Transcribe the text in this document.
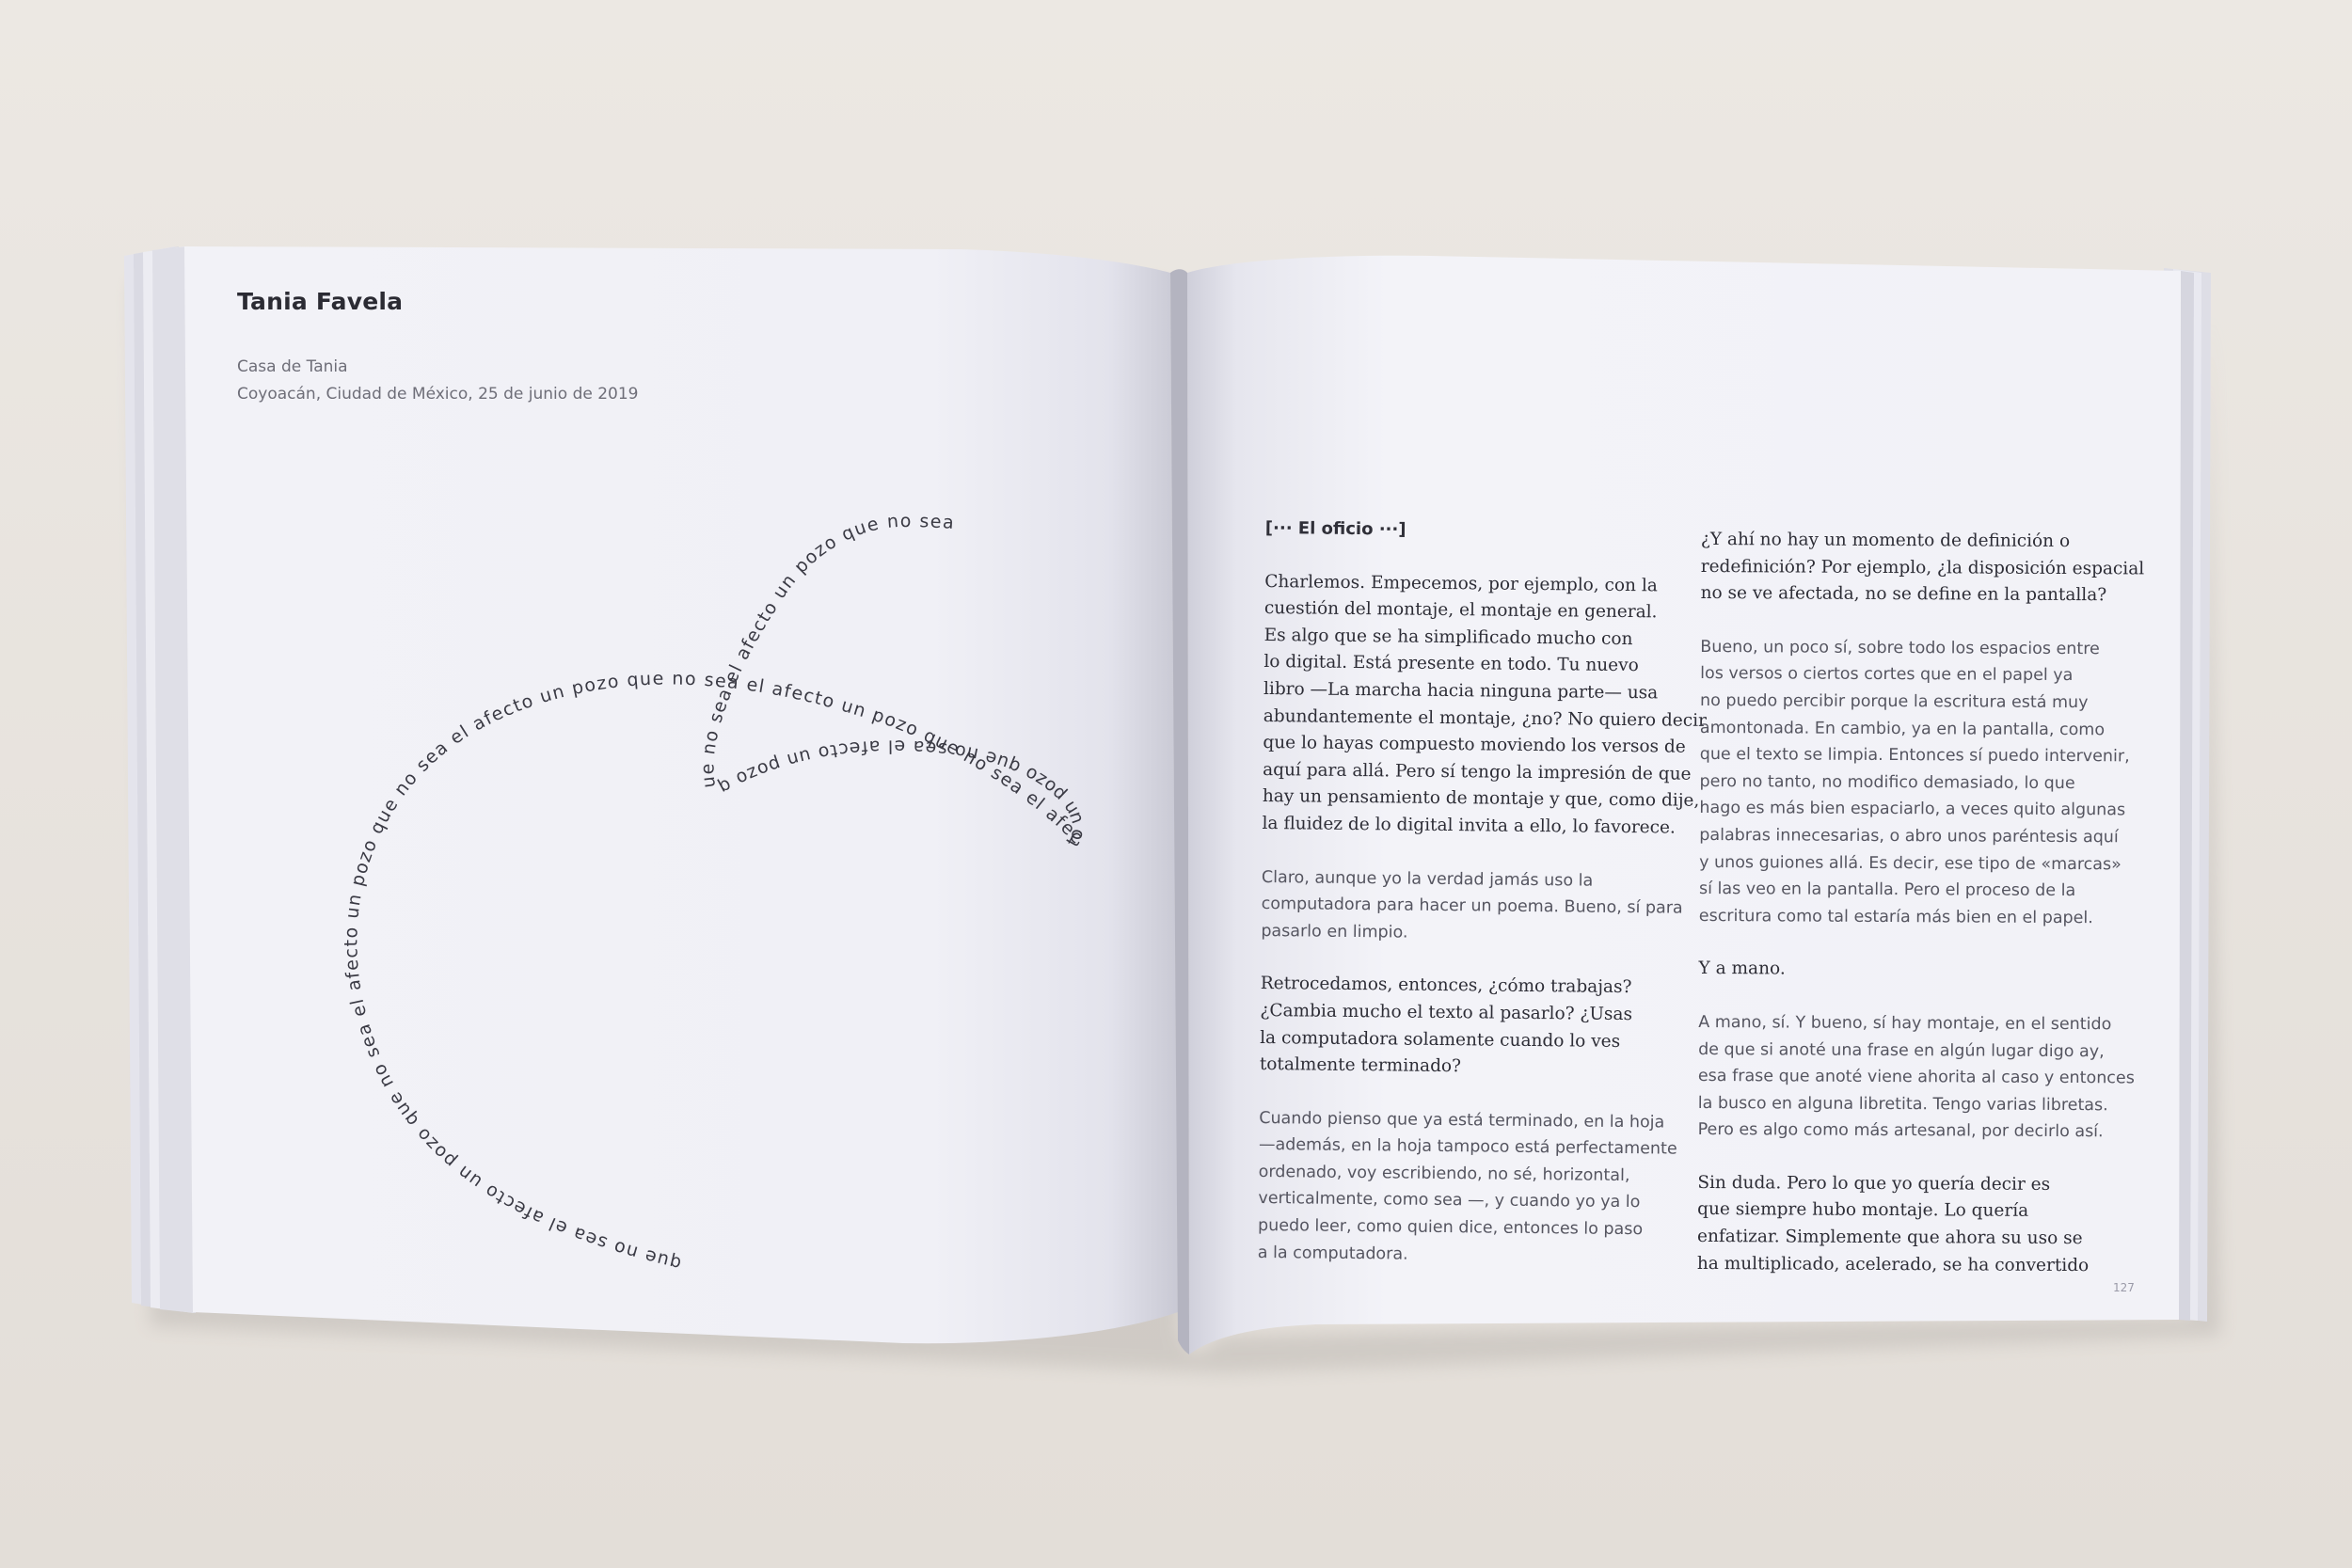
que no sea el afecto un pozo que no sea el afecto un pozo que no sea el afecto un pozo que no sea el afecto un pozo que no sea el afecto un pozo que no sea el afecto un pozo que no sea el afecto un pozo que no sea
Tania Favela
Casa de Tania
Coyoacán, Ciudad de México, 25 de junio de 2019
[··· El oficio ···]
Charlemos. Empecemos, por ejemplo, con la
cuestión del montaje, el montaje en general.
Es algo que se ha simplificado mucho con
lo digital. Está presente en todo. Tu nuevo
libro —La marcha hacia ninguna parte— usa
abundantemente el montaje, ¿no? No quiero decir
que lo hayas compuesto moviendo los versos de
aquí para allá. Pero sí tengo la impresión de que
hay un pensamiento de montaje y que, como dije,
la fluidez de lo digital invita a ello, lo favorece.
Claro, aunque yo la verdad jamás uso la
computadora para hacer un poema. Bueno, sí para
pasarlo en limpio.
Retrocedamos, entonces, ¿cómo trabajas?
¿Cambia mucho el texto al pasarlo? ¿Usas
la computadora solamente cuando lo ves
totalmente terminado?
Cuando pienso que ya está terminado, en la hoja
—además, en la hoja tampoco está perfectamente
ordenado, voy escribiendo, no sé, horizontal,
verticalmente, como sea —, y cuando yo ya lo
puedo leer, como quien dice, entonces lo paso
a la computadora.
¿Y ahí no hay un momento de definición o
redefinición? Por ejemplo, ¿la disposición espacial
no se ve afectada, no se define en la pantalla?
Bueno, un poco sí, sobre todo los espacios entre
los versos o ciertos cortes que en el papel ya
no puedo percibir porque la escritura está muy
amontonada. En cambio, ya en la pantalla, como
que el texto se limpia. Entonces sí puedo intervenir,
pero no tanto, no modifico demasiado, lo que
hago es más bien espaciarlo, a veces quito algunas
palabras innecesarias, o abro unos paréntesis aquí
y unos guiones allá. Es decir, ese tipo de «marcas»
sí las veo en la pantalla. Pero el proceso de la
escritura como tal estaría más bien en el papel.
Y a mano.
A mano, sí. Y bueno, sí hay montaje, en el sentido
de que si anoté una frase en algún lugar digo ay,
esa frase que anoté viene ahorita al caso y entonces
la busco en alguna libretita. Tengo varias libretas.
Pero es algo como más artesanal, por decirlo así.
Sin duda. Pero lo que yo quería decir es
que siempre hubo montaje. Lo quería
enfatizar. Simplemente que ahora su uso se
ha multiplicado, acelerado, se ha convertido
127
